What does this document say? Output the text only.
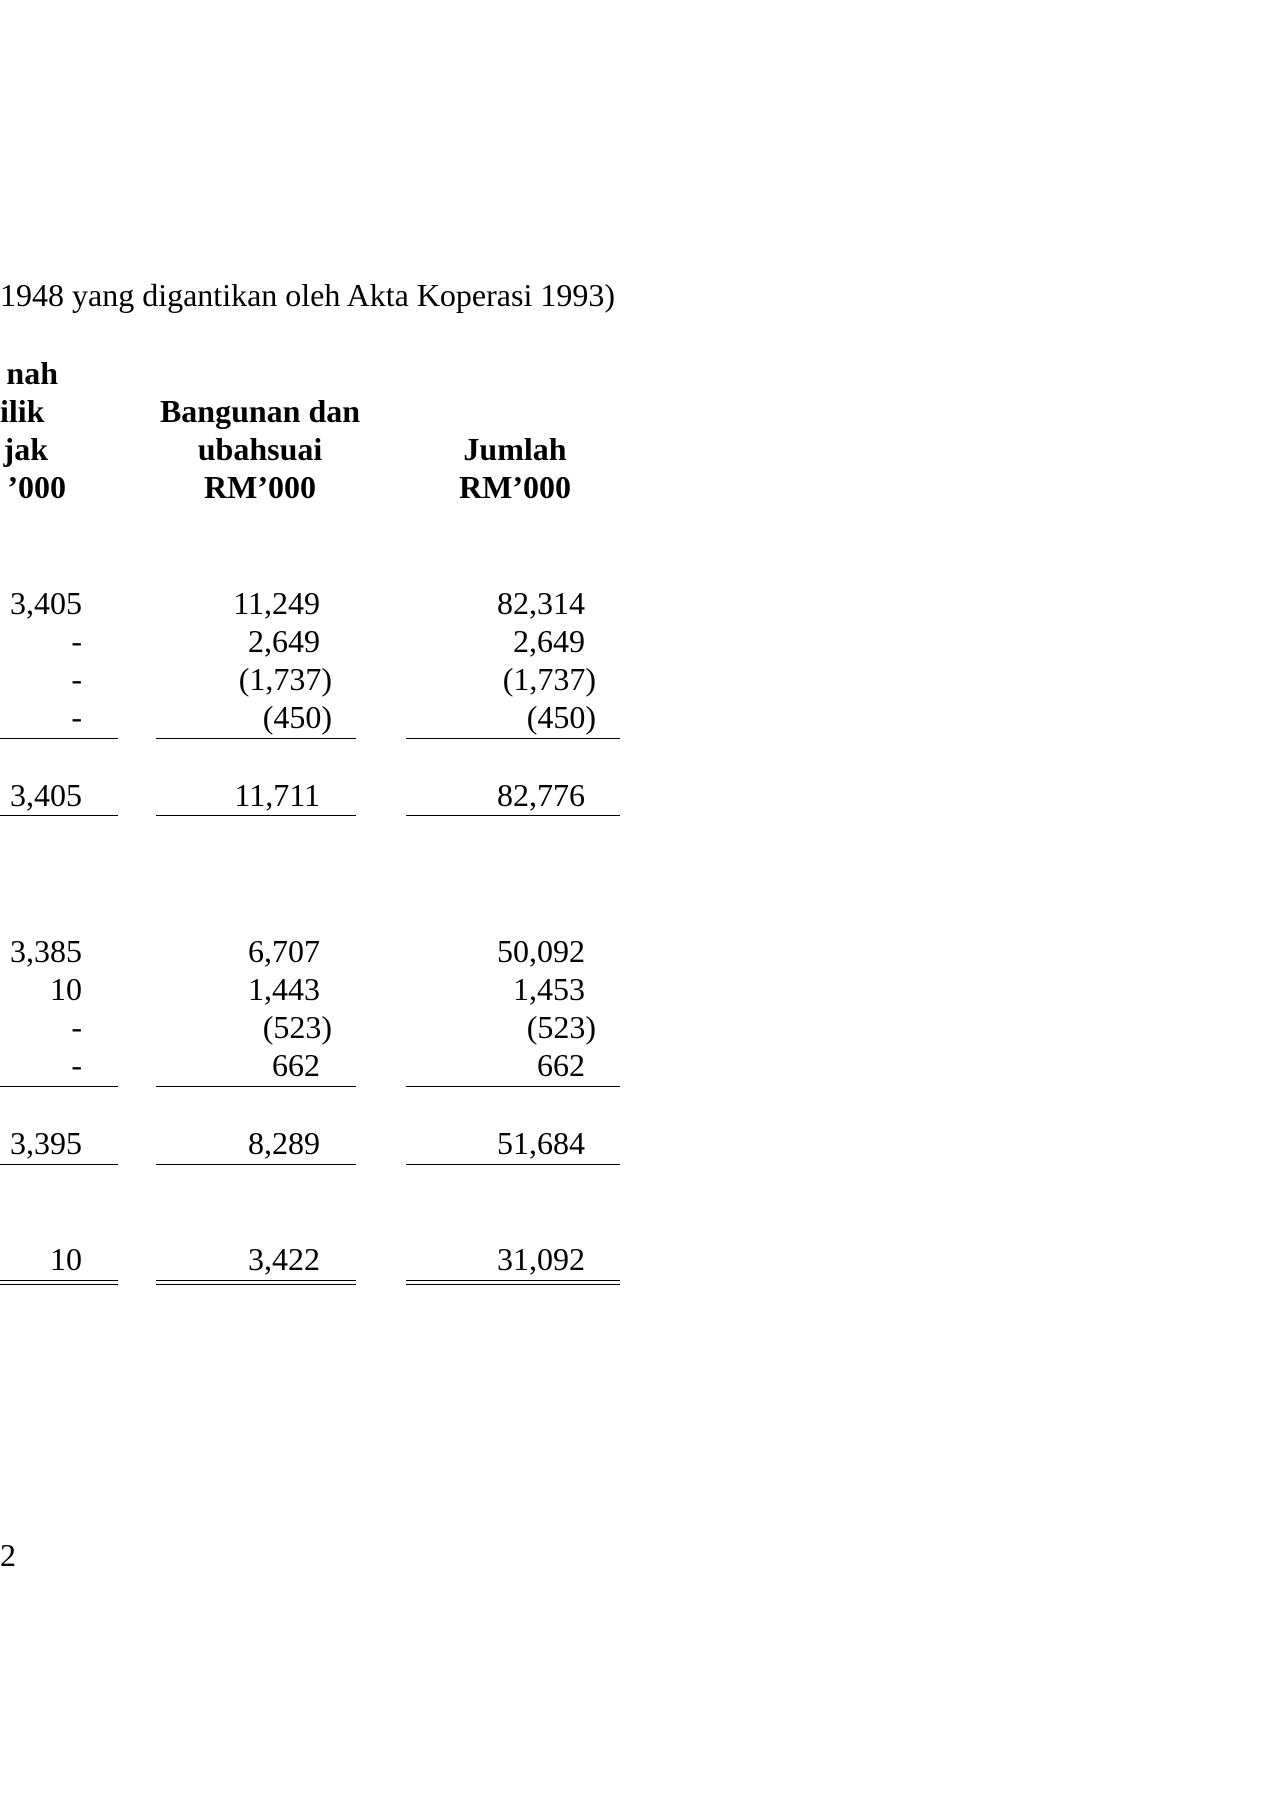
1948 yang digantikan oleh Akta Koperasi 1993)
nah
ilik
jak
’000
Bangunan dan
ubahsuai
RM’000
Jumlah
RM’000
3,405	11,249	82,314
-	2,649	2,649
-	(1,737)	(1,737)
-	(450)	(450)
3,405	11,711	82,776
3,385	6,707	50,092
10	1,443	1,453
-	(523)	(523)
-	662	662
3,395	8,289	51,684
10	3,422	31,092
2
